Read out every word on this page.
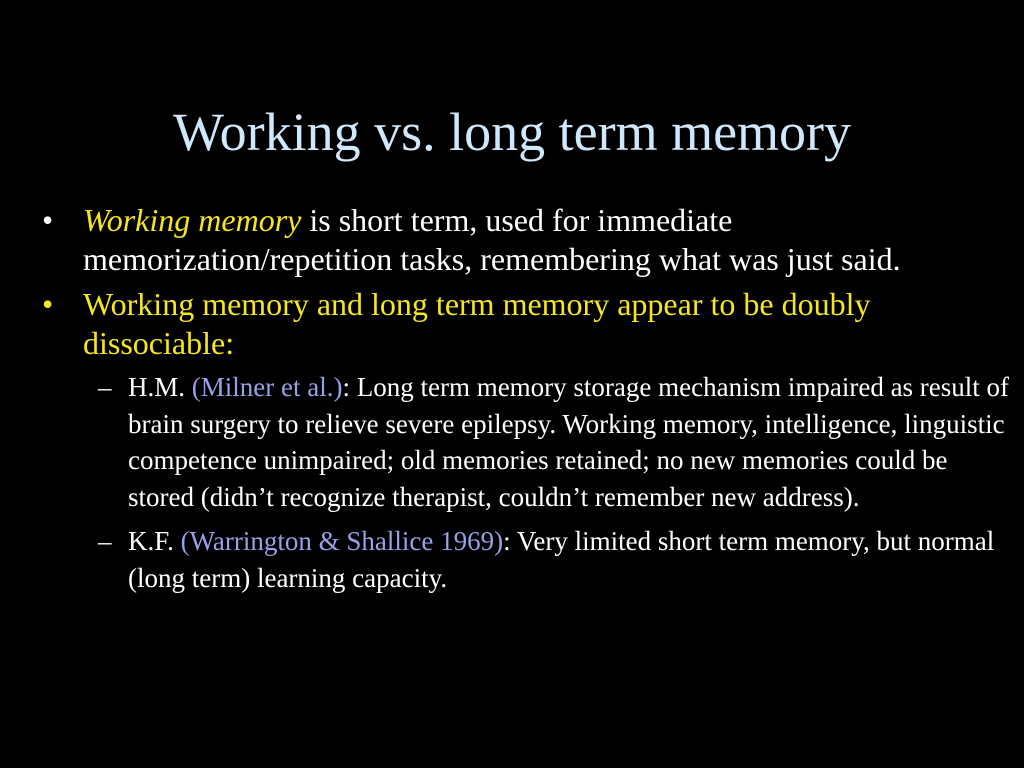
Working vs. long term memory
• Working memory is short term, used for immediate memorization/repetition tasks, remembering what was just said.
• Working memory and long term memory appear to be doubly dissociable:
– H.M. (Milner et al.): Long term memory storage mechanism impaired as result of brain surgery to relieve severe epilepsy. Working memory, intelligence, linguistic competence unimpaired; old memories retained; no new memories could be stored (didn’t recognize therapist, couldn’t remember new address).
– K.F. (Warrington & Shallice 1969): Very limited short term memory, but normal (long term) learning capacity.
